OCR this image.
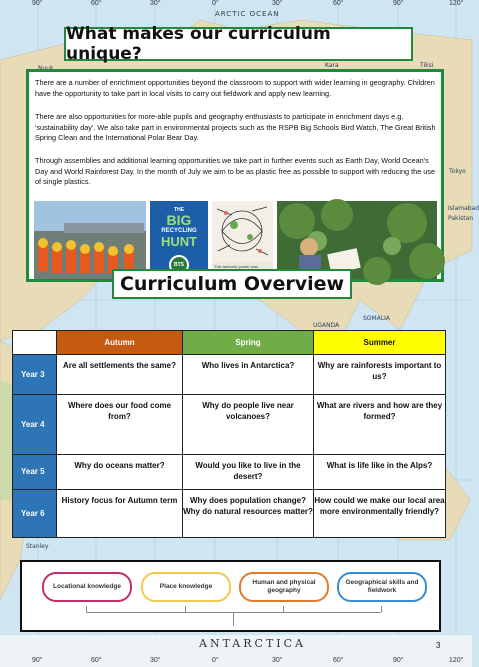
ARCTIC OCEAN
Kara	Tiksi
Tokyo
Islamabad
Pakistan
UGANDA
SOMALIA
Stanley
90°	60°	30°	0°	30°	60°	90°	120°
90°	60°	30°	0°	30°	60°	90°	120°
What makes our curriculum unique?

There are a number of enrichment opportunities beyond the classroom to support with wider learning in geography. Children have the opportunity to take part in local visits to carry out fieldwork and apply new learning.

There are also opportunities for more-able pupils and geography enthusiasts to participate in enrichment days e.g. 'sustainability day'. We also take part in environmental projects such as the RSPB Big Schools Bird Watch, The Great British Spring Clean and the International Polar Bear Day.

Through assemblies and additional learning opportunities we take part in further events such as Earth Day, World Ocean's Day and World Rainforest Day. In the month of July we aim to be as plastic free as possible to support with reducing the use of single plastics.

THE
BIG
RECYCLING
HUNT
BTS	This fantastic poster was
Curriculum Overview
	Autumn	Spring	Summer
Year 3	Are all settlements the same?	Who lives in Antarctica?	Why are rainforests important to us?
Year 4	Where does our food come from?	Why do people live near volcanoes?	What are rivers and how are they formed?
Year 5	Why do oceans matter?	Would you like to live in the desert?	What is life like in the Alps?
Year 6	History focus for Autumn term	Why does population change? Why do natural resources matter?	How could we make our local area more environmentally friendly?
Locational knowledge	Place knowledge
Human and physical geography
Geographical skills and fieldwork
ANTARCTICA	3
